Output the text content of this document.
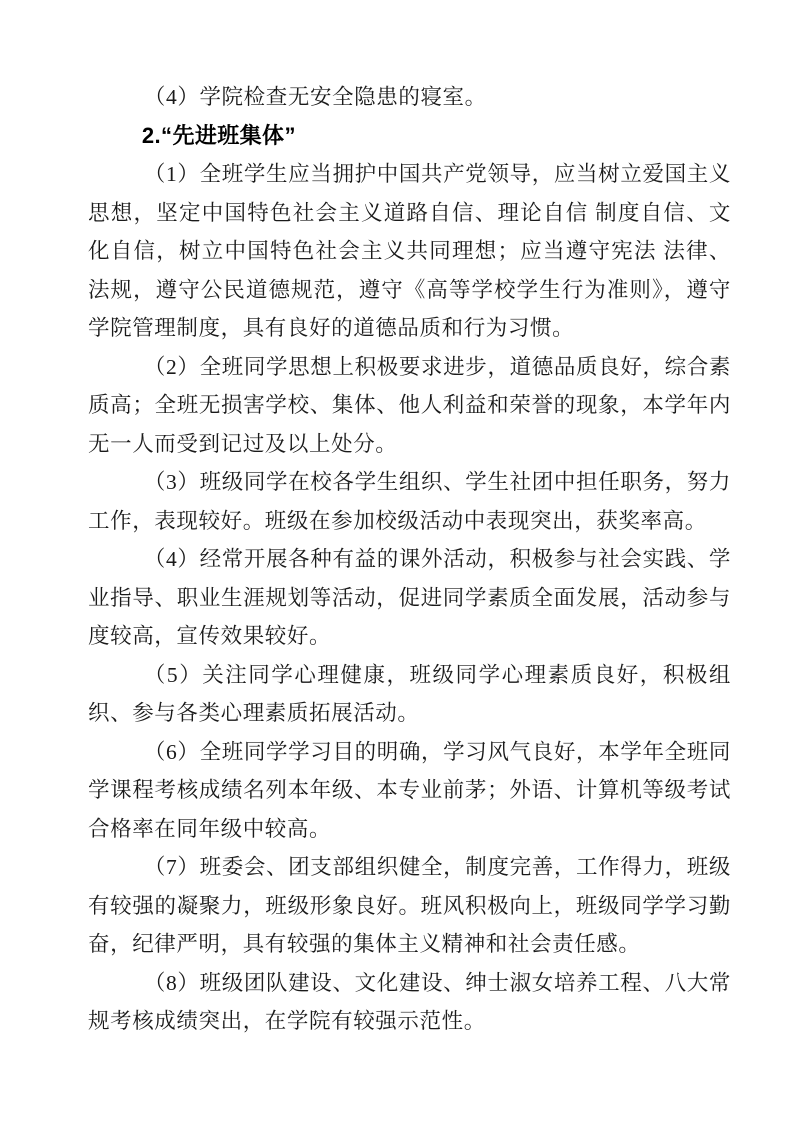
（4）学院检查无安全隐患的寝室。

2.“先进班集体”

（1）全班学生应当拥护中国共产党领导，应当树立爱国主义思想，坚定中国特色社会主义道路自信、理论自信 制度自信、文化自信，树立中国特色社会主义共同理想；应当遵守宪法 法律、法规，遵守公民道德规范，遵守《高等学校学生行为准则》，遵守学院管理制度，具有良好的道德品质和行为习惯。

（2）全班同学思想上积极要求进步，道德品质良好，综合素质高；全班无损害学校、集体、他人利益和荣誉的现象，本学年内无一人而受到记过及以上处分。

（3）班级同学在校各学生组织、学生社团中担任职务，努力工作，表现较好。班级在参加校级活动中表现突出，获奖率高。

（4）经常开展各种有益的课外活动，积极参与社会实践、学业指导、职业生涯规划等活动，促进同学素质全面发展，活动参与度较高，宣传效果较好。

（5）关注同学心理健康，班级同学心理素质良好，积极组织、参与各类心理素质拓展活动。

（6）全班同学学习目的明确，学习风气良好，本学年全班同学课程考核成绩名列本年级、本专业前茅；外语、计算机等级考试合格率在同年级中较高。

（7）班委会、团支部组织健全，制度完善，工作得力，班级有较强的凝聚力，班级形象良好。班风积极向上，班级同学学习勤奋，纪律严明，具有较强的集体主义精神和社会责任感。

（8）班级团队建设、文化建设、绅士淑女培养工程、八大常规考核成绩突出，在学院有较强示范性。
